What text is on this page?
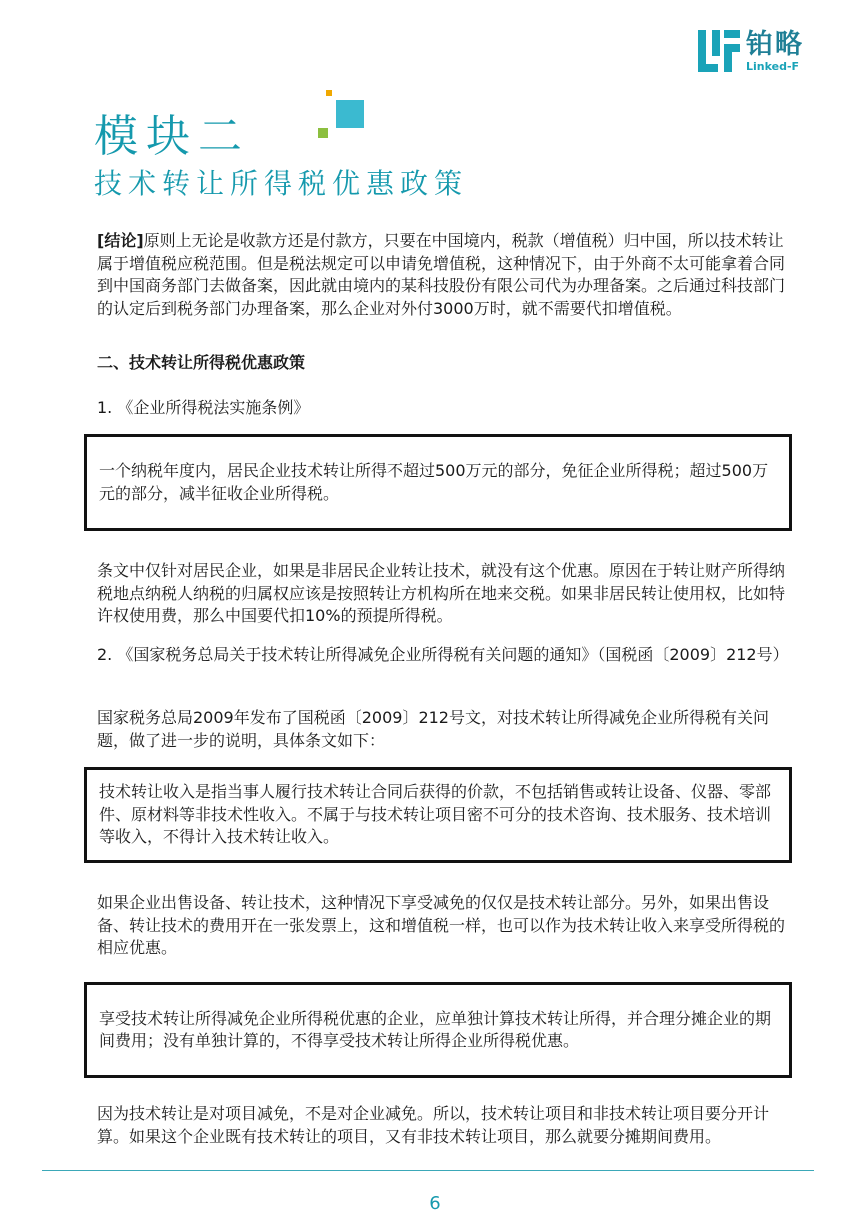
铂略
Linked-F
模块二
技术转让所得税优惠政策

[结论]原则上无论是收款方还是付款方，只要在中国境内，税款（增值税）归中国，所以技术转让属于增值税应税范围。但是税法规定可以申请免增值税，这种情况下，由于外商不太可能拿着合同到中国商务部门去做备案，因此就由境内的某科技股份有限公司代为办理备案。之后通过科技部门的认定后到税务部门办理备案，那么企业对外付3000万时，就不需要代扣增值税。

二、技术转让所得税优惠政策

1. 《企业所得税法实施条例》

一个纳税年度内，居民企业技术转让所得不超过500万元的部分，免征企业所得税；超过500万元的部分，减半征收企业所得税。

条文中仅针对居民企业，如果是非居民企业转让技术，就没有这个优惠。原因在于转让财产所得纳税地点纳税人纳税的归属权应该是按照转让方机构所在地来交税。如果非居民转让使用权，比如特许权使用费，那么中国要代扣10%的预提所得税。

2. 《国家税务总局关于技术转让所得减免企业所得税有关问题的通知》（国税函〔2009〕212号）

国家税务总局2009年发布了国税函〔2009〕212号文，对技术转让所得减免企业所得税有关问题，做了进一步的说明，具体条文如下：

技术转让收入是指当事人履行技术转让合同后获得的价款，不包括销售或转让设备、仪器、零部件、原材料等非技术性收入。不属于与技术转让项目密不可分的技术咨询、技术服务、技术培训等收入，不得计入技术转让收入。

如果企业出售设备、转让技术，这种情况下享受减免的仅仅是技术转让部分。另外，如果出售设备、转让技术的费用开在一张发票上，这和增值税一样，也可以作为技术转让收入来享受所得税的相应优惠。

享受技术转让所得减免企业所得税优惠的企业，应单独计算技术转让所得，并合理分摊企业的期间费用；没有单独计算的，不得享受技术转让所得企业所得税优惠。

因为技术转让是对项目减免，不是对企业减免。所以，技术转让项目和非技术转让项目要分开计算。如果这个企业既有技术转让的项目，又有非技术转让项目，那么就要分摊期间费用。

6
